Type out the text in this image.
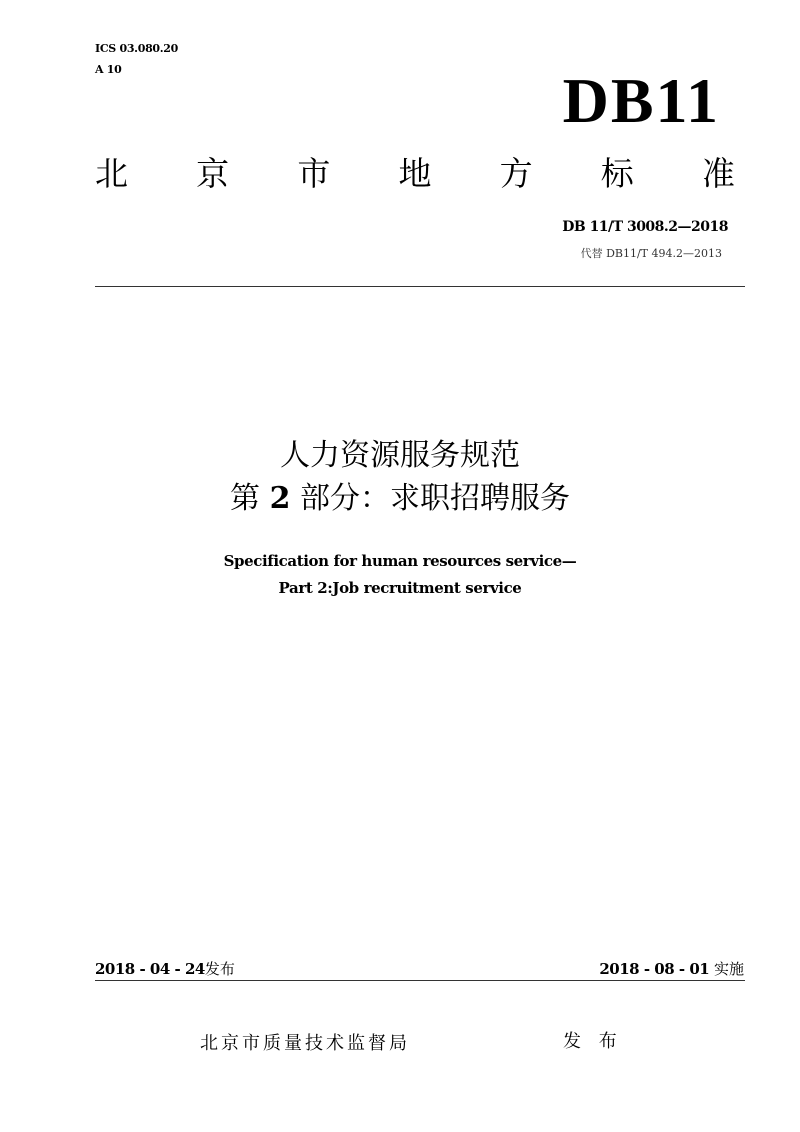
ICS 03.080.20
A 10	DB11
北 京 市 地 方 标 准
DB 11/T 3008.2—2018
代替 DB11/T 494.2—2013
人力资源服务规范
第 2 部分：求职招聘服务
Specification for human resources service—
Part 2:Job recruitment service
2018 - 04 - 24发布	2018 - 08 - 01 实施
北京市质量技术监督局	发 布
